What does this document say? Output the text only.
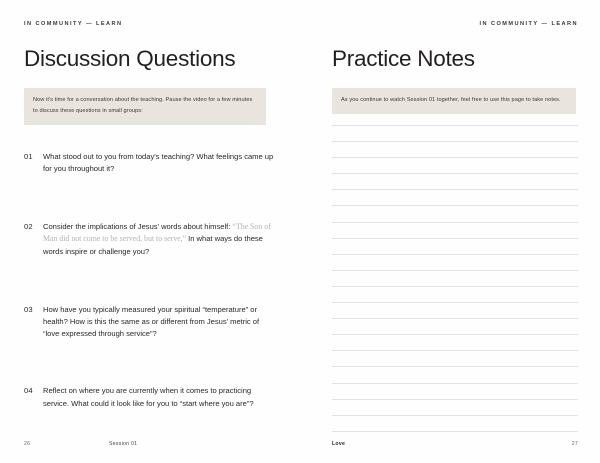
IN COMMUNITY — LEARN
Discussion Questions

Now it's time for a conversation about the teaching. Pause the video for a few minutes to discuss these questions in small groups:

01	What stood out to you from today's teaching? What feelings came up for you throughout it?
02	Consider the implications of Jesus' words about himself: “The Son of Man did not come to be served, but to serve,” In what ways do these words inspire or challenge you?
03	How have you typically measured your spiritual “temperature” or health? How is this the same as or different from Jesus' metric of “love expressed through service”?
04	Reflect on where you are currently when it comes to practicing service. What could it look like for you to “start where you are”?
26	Session 01
IN COMMUNITY — LEARN
Practice Notes

As you continue to watch Session 01 together, feel free to use this page to take notes.

Love	27
